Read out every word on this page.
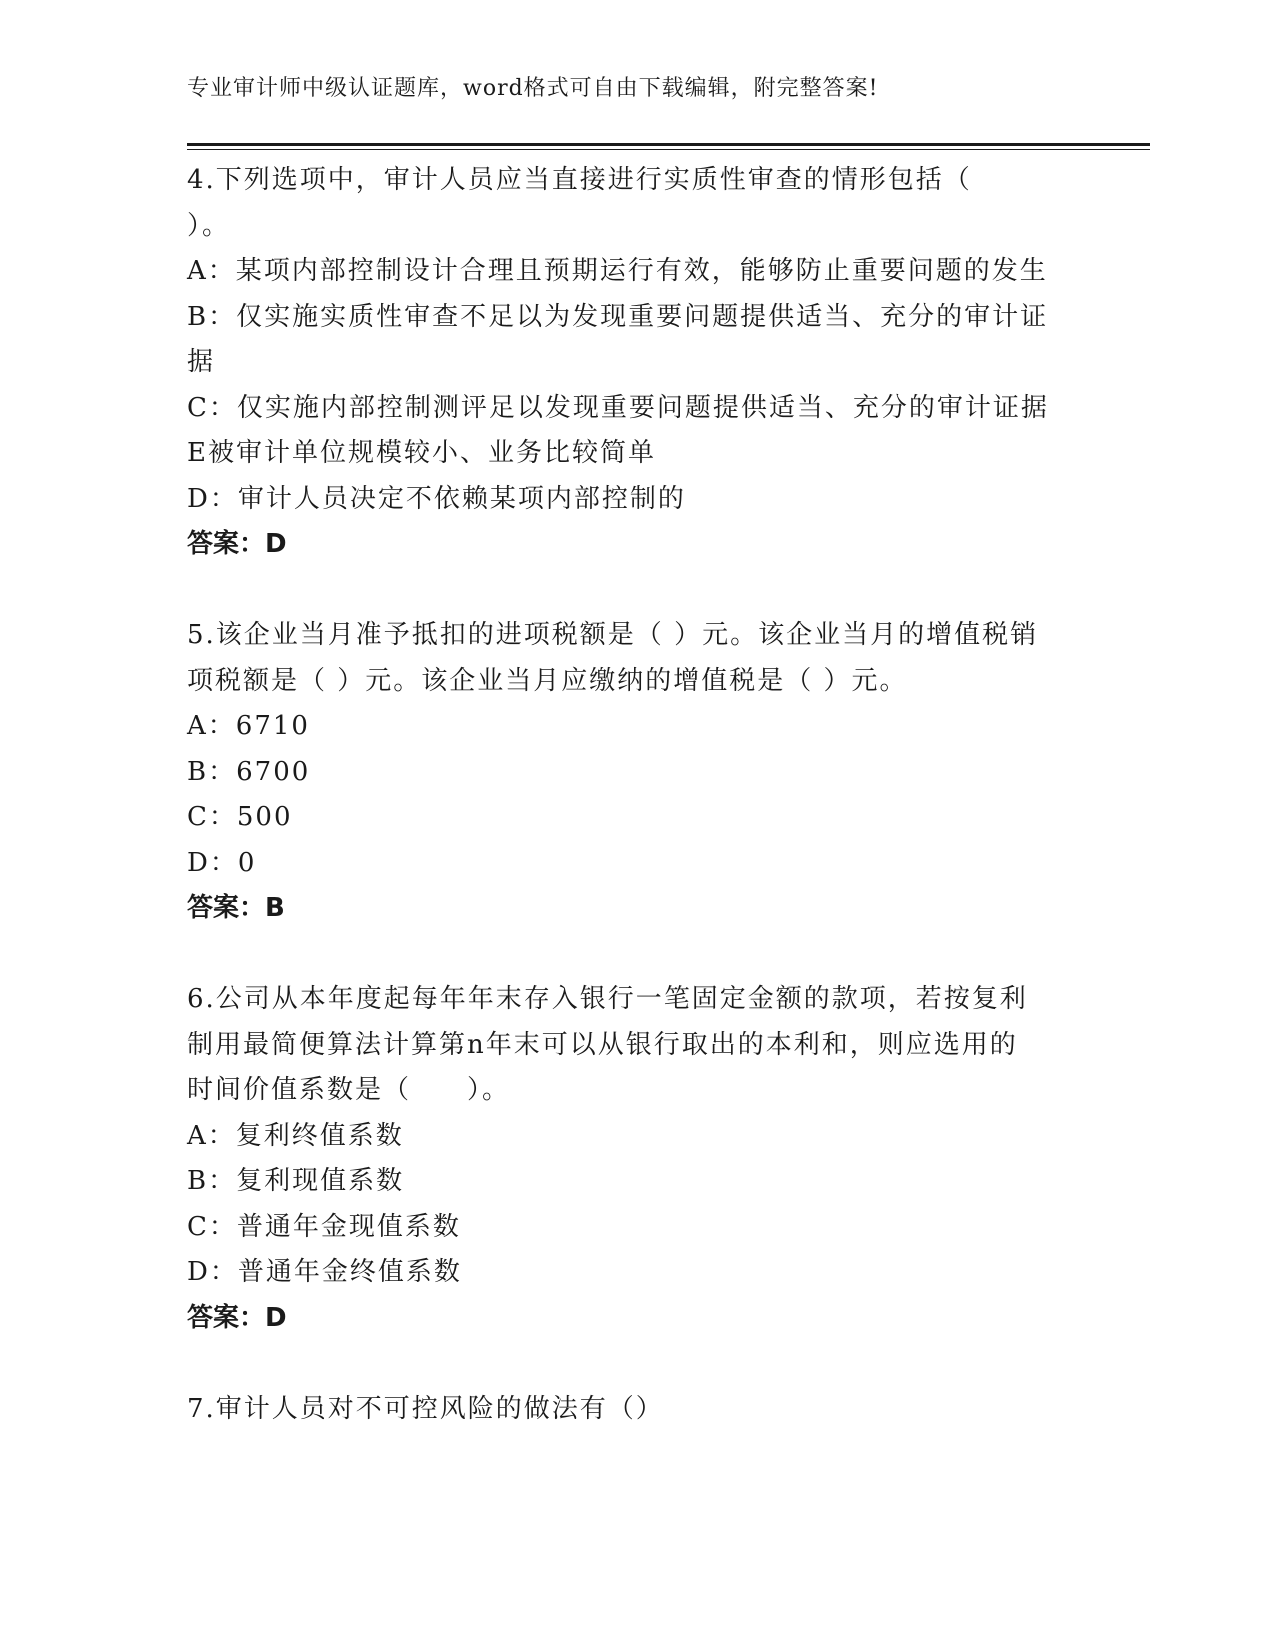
专业审计师中级认证题库，word格式可自由下载编辑，附完整答案!
4.下列选项中，审计人员应当直接进行实质性审查的情形包括（
）。
A：某项内部控制设计合理且预期运行有效，能够防止重要问题的发生
B：仅实施实质性审查不足以为发现重要问题提供适当、充分的审计证
据
C：仅实施内部控制测评足以发现重要问题提供适当、充分的审计证据
E被审计单位规模较小、业务比较简单
D：审计人员决定不依赖某项内部控制的
答案：D
5.该企业当月准予抵扣的进项税额是（ ）元。该企业当月的增值税销
项税额是（ ）元。该企业当月应缴纳的增值税是（ ）元。
A：6710
B：6700
C：500
D：0
答案：B
6.公司从本年度起每年年末存入银行一笔固定金额的款项，若按复利
制用最简便算法计算第n年末可以从银行取出的本利和，则应选用的
时间价值系数是（　　）。
A：复利终值系数
B：复利现值系数
C：普通年金现值系数
D：普通年金终值系数
答案：D
7.审计人员对不可控风险的做法有（）
